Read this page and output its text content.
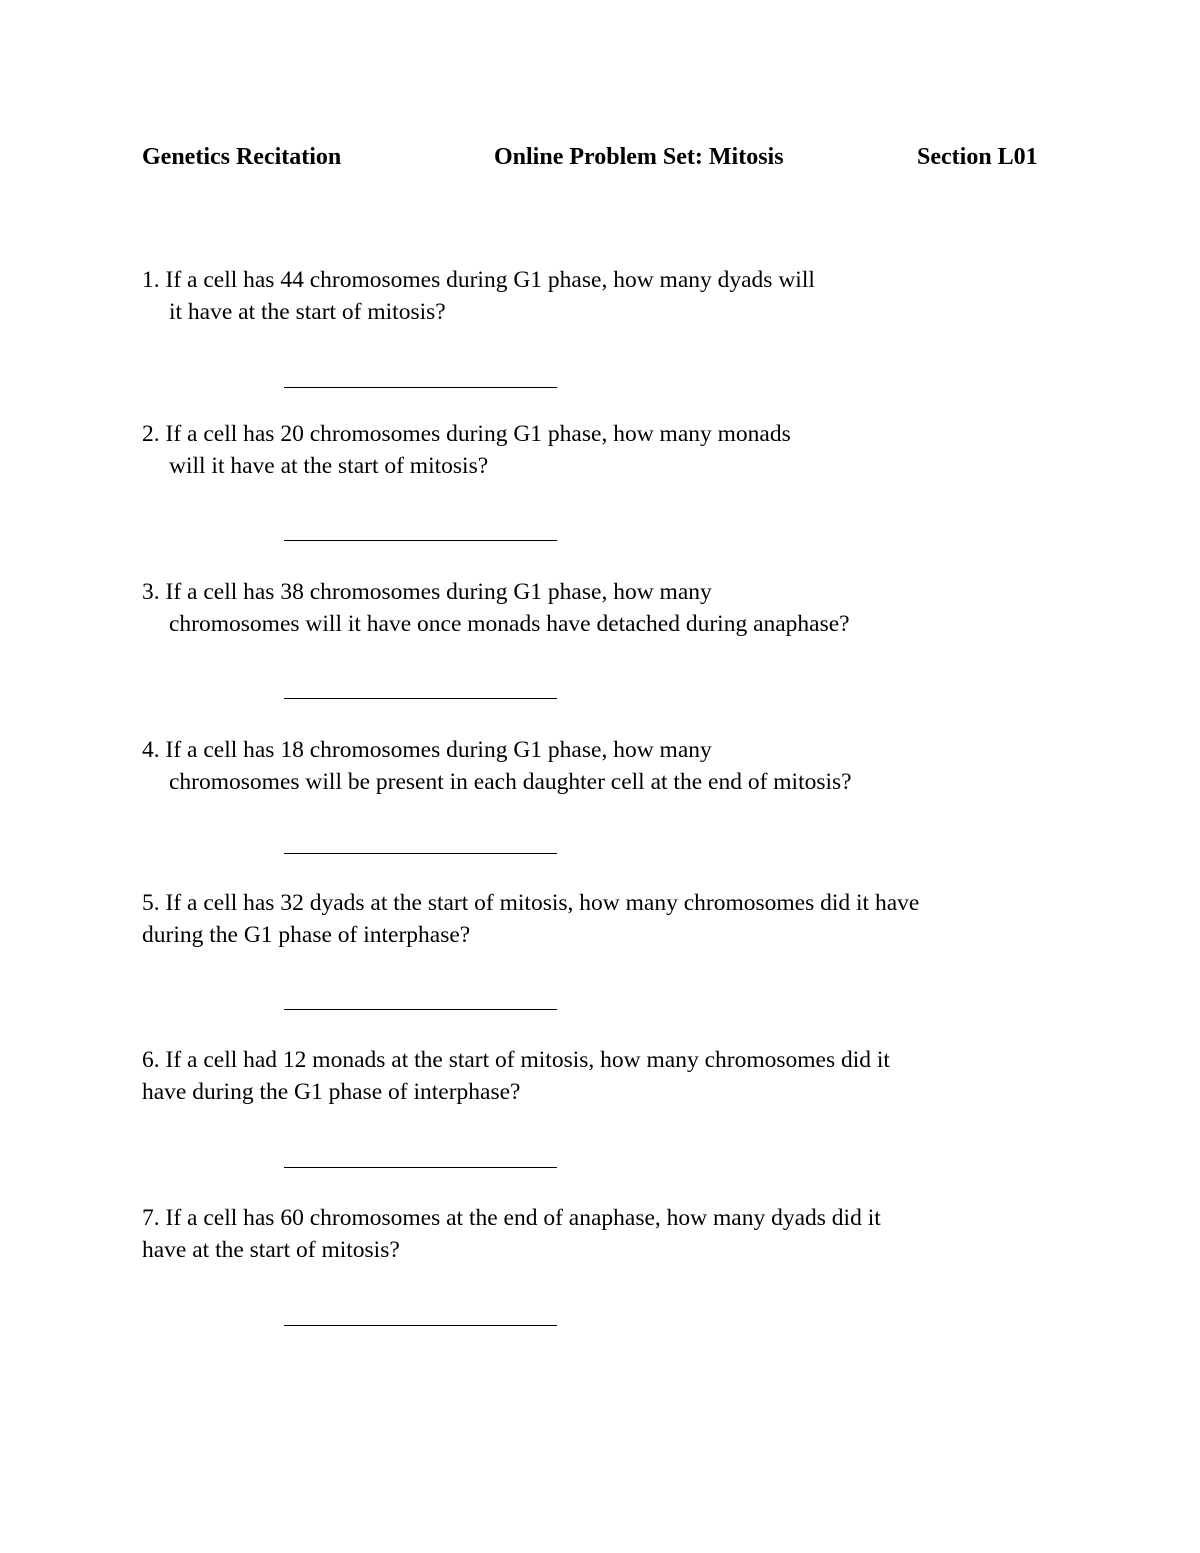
Genetics Recitation	Online Problem Set: Mitosis	Section L01
1. If a cell has 44 chromosomes during G1 phase, how many dyads will
it have at the start of mitosis?
2. If a cell has 20 chromosomes during G1 phase, how many monads
will it have at the start of mitosis?
3. If a cell has 38 chromosomes during G1 phase, how many
chromosomes will it have once monads have detached during anaphase?
4. If a cell has 18 chromosomes during G1 phase, how many
chromosomes will be present in each daughter cell at the end of mitosis?
5. If a cell has 32 dyads at the start of mitosis, how many chromosomes did it have
during the G1 phase of interphase?
6. If a cell had 12 monads at the start of mitosis, how many chromosomes did it
have during the G1 phase of interphase?
7. If a cell has 60 chromosomes at the end of anaphase, how many dyads did it
have at the start of mitosis?
